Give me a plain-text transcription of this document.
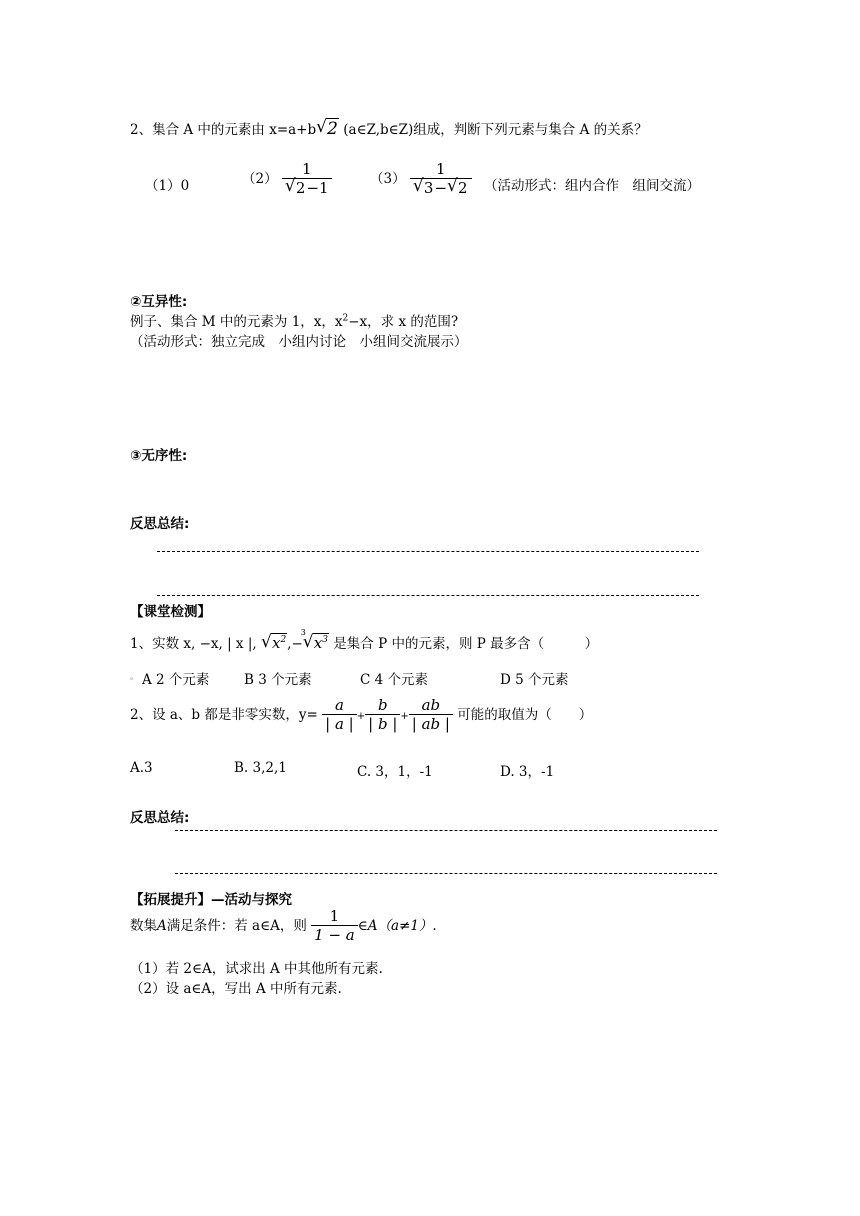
2、集合 A 中的元素由 x=a+b √ 2 (a∈Z,b∈Z)组成，判断下列元素与集合 A 的关系？
（1）0	（2） 1
√ 2−1	（3） 1
√ 3− √ 2 （活动形式：组内合作　组间交流）
②互异性:
例子、集合 M 中的元素为 1，x，$x^2-x$，求 x 的范围?
（活动形式：独立完成　小组内讨论　小组间交流展示）
③无序性:
反思总结:
【课堂检测】
1、实数 x, −x, | x |, √ $x^2,-$
√ 3
$x^3$ 是集合 P 中的元素，则 P 最多含（　　　）
。 A 2 个元素	B 3 个元素	C 4 个元素	D 5 个元素
2、设 a、b 都是非零实数，$y= \frac{a}{| a |} + \frac{b}{| b |} + \frac{ab}{| ab |}$ 可能的取值为（　　）
A.3	B. 3,2,1	C. 3，1，-1	D. 3，-1
反思总结:
【拓展提升】—活动与探究
数集A满足条件：若 a∈A，则 $\frac{1}{1 - a}$ ∈A（a≠1）.
（1）若 2∈A，试求出 A 中其他所有元素.
（2）设 a∈A，写出 A 中所有元素.
